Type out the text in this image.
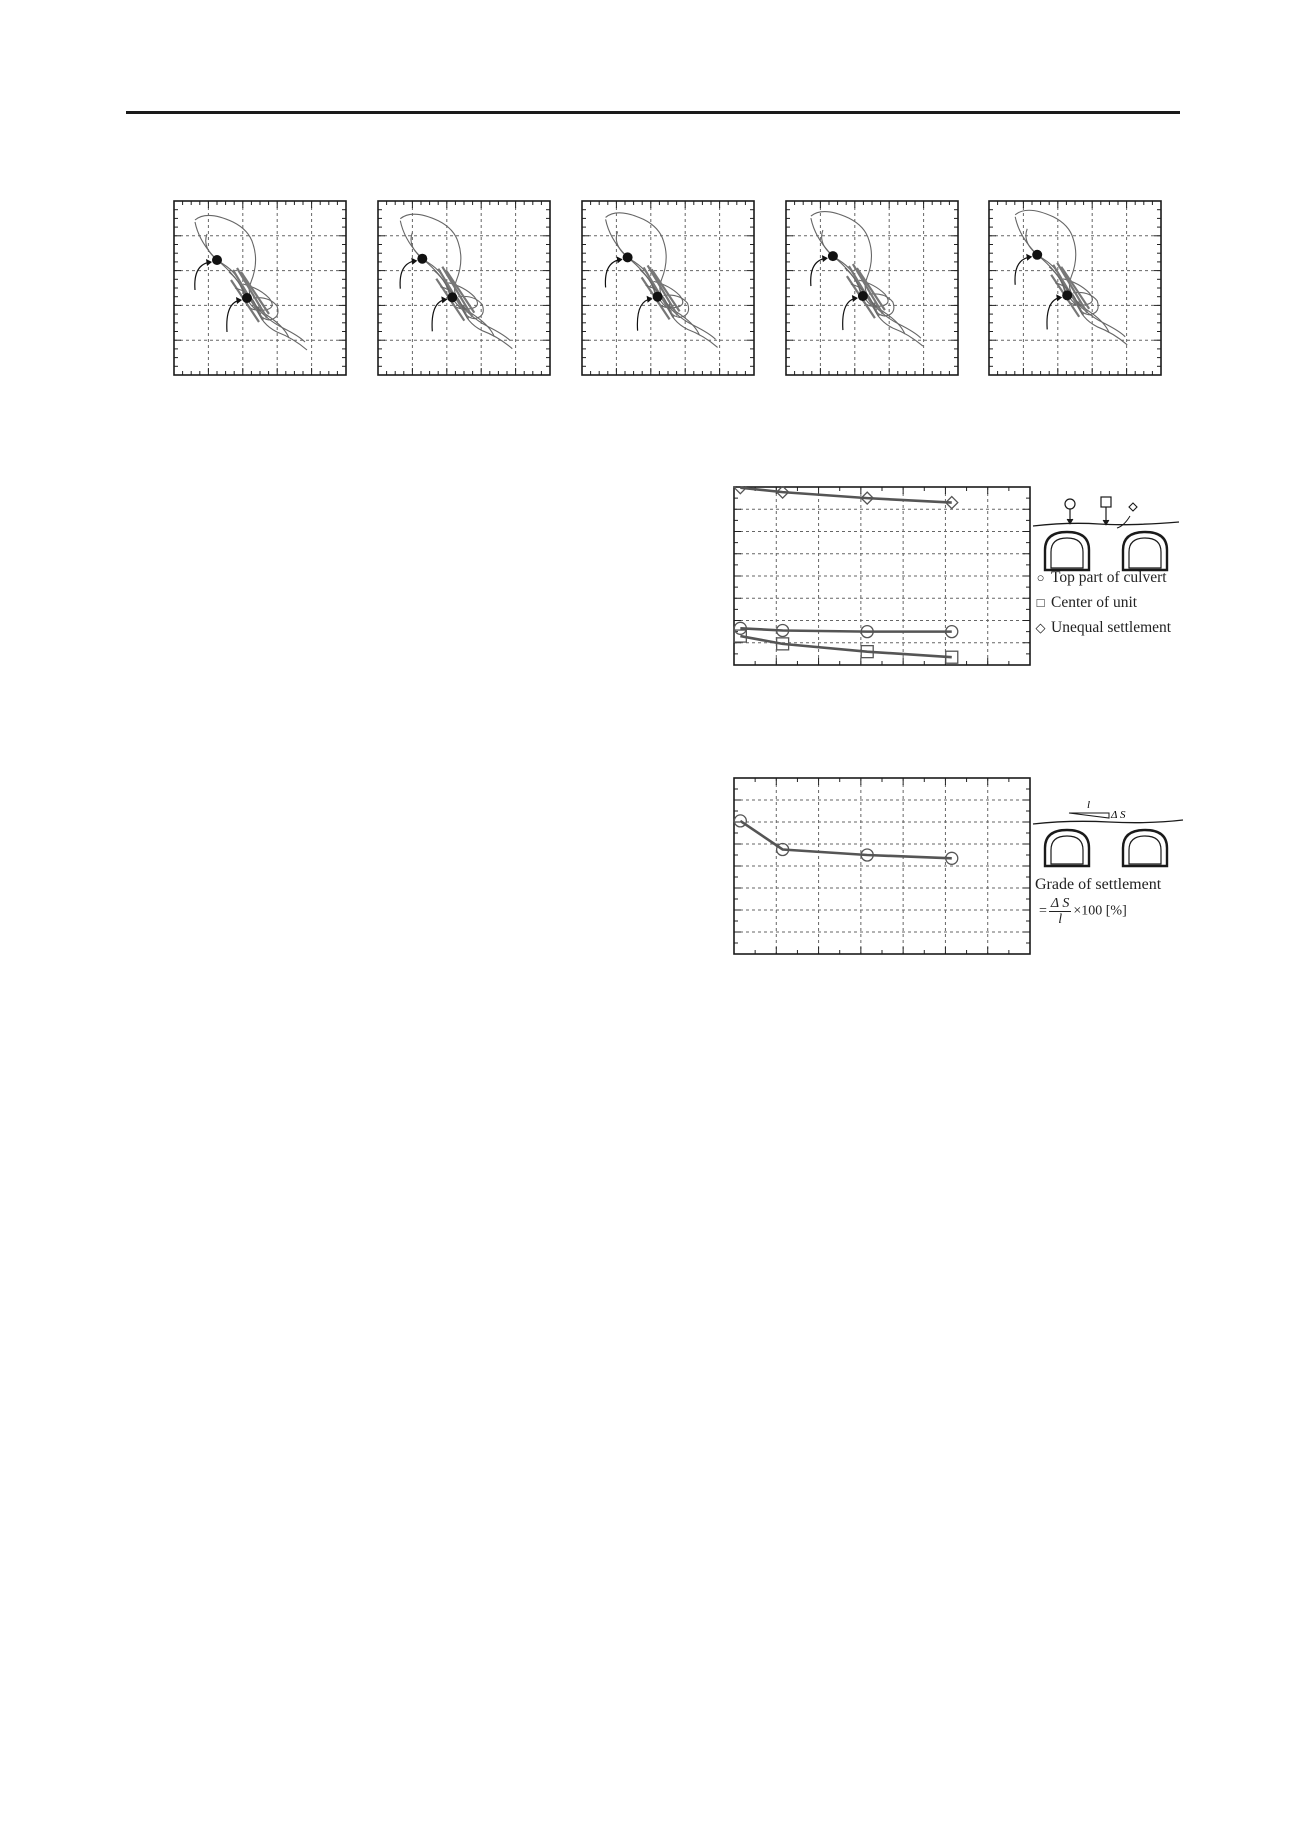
○ Top part of culvert
□ Center of unit
◇ Unequal settlement
l
Δ S
Grade of settlement
= $\frac{\text{Δ S}}{l} \times 100$ [%]
